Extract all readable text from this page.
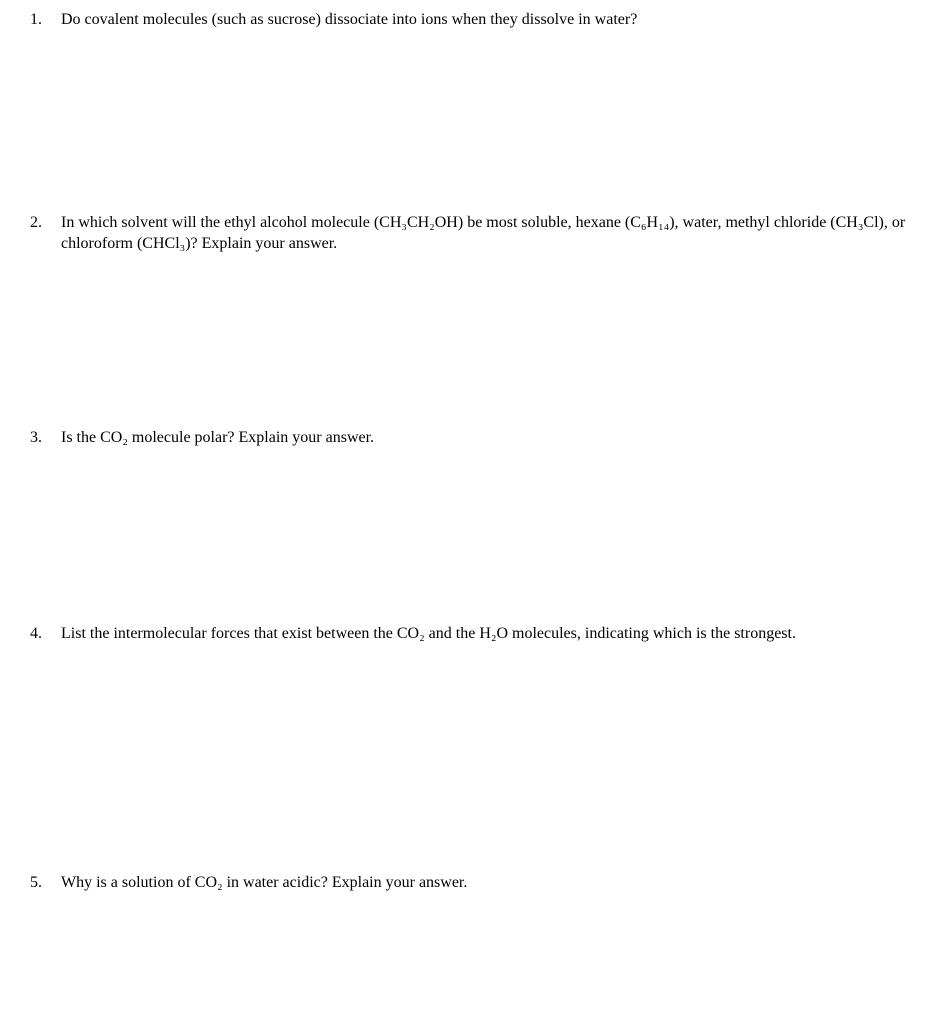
1.	Do covalent molecules (such as sucrose) dissociate into ions when they dissolve in water?
2.	In which solvent will the ethyl alcohol molecule (CH₃CH₂OH) be most soluble, hexane (C₆H₁₄), water, methyl chloride (CH₃Cl), or chloroform (CHCl₃)? Explain your answer.
3.	Is the CO₂ molecule polar? Explain your answer.
4.	List the intermolecular forces that exist between the CO₂ and the H₂O molecules, indicating which is the strongest.
5.	Why is a solution of CO₂ in water acidic? Explain your answer.
